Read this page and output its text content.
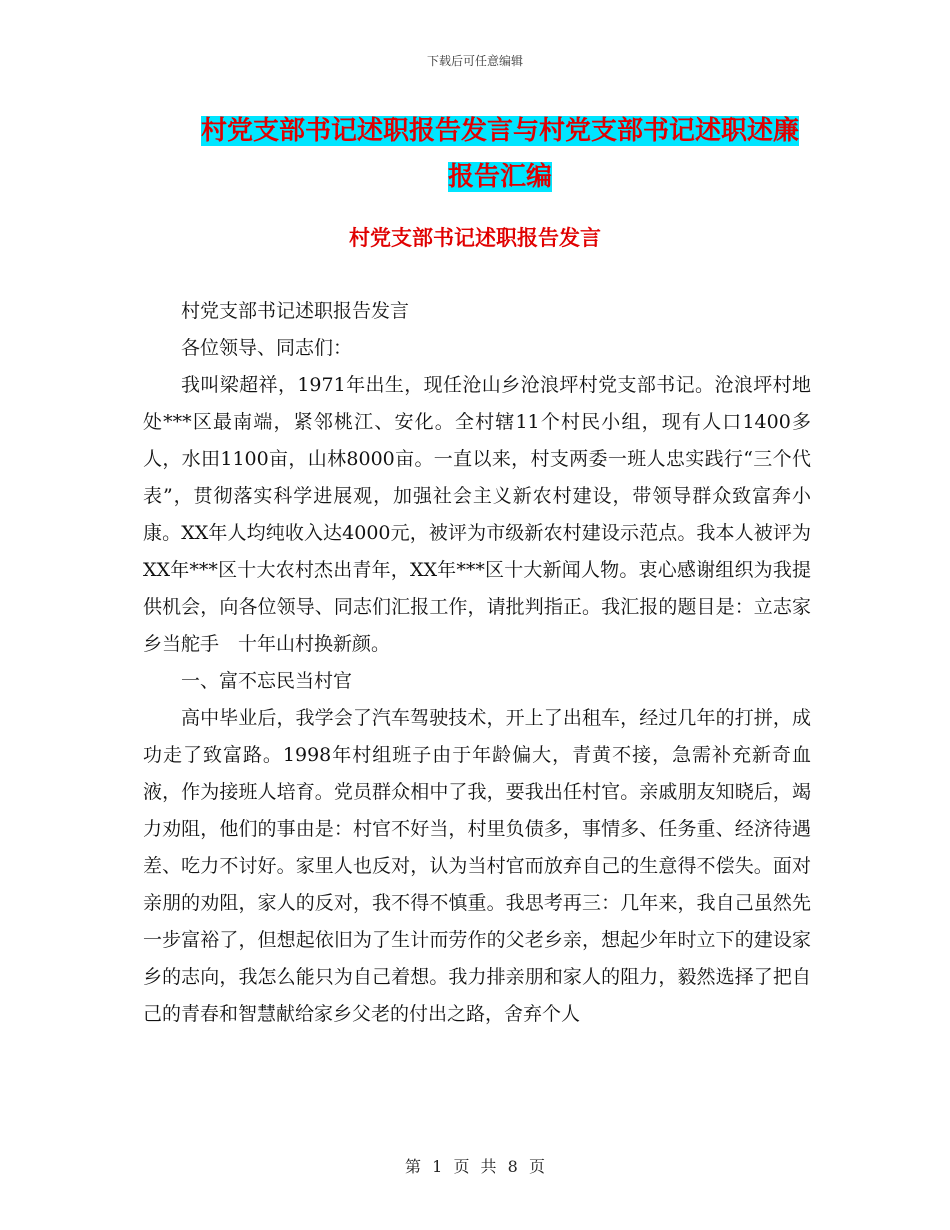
下载后可任意编辑
村党支部书记述职报告发言与村党支部书记述职述廉
报告汇编
村党支部书记述职报告发言

村党支部书记述职报告发言

各位领导、同志们：

我叫梁超祥，1971年出生，现任沧山乡沧浪坪村党支部书记。沧浪坪村地处***区最南端，紧邻桃江、安化。全村辖11个村民小组，现有人口1400多人，水田1100亩，山林8000亩。一直以来，村支两委一班人忠实践行“三个代表”，贯彻落实科学进展观，加强社会主义新农村建设，带领导群众致富奔小康。XX年人均纯收入达4000元，被评为市级新农村建设示范点。我本人被评为XX年***区十大农村杰出青年，XX年***区十大新闻人物。衷心感谢组织为我提供机会，向各位领导、同志们汇报工作，请批判指正。我汇报的题目是：立志家乡当舵手　十年山村换新颜。

一、富不忘民当村官

高中毕业后，我学会了汽车驾驶技术，开上了出租车，经过几年的打拼，成功走了致富路。1998年村组班子由于年龄偏大，青黄不接，急需补充新奇血液，作为接班人培育。党员群众相中了我，要我出任村官。亲戚朋友知晓后，竭力劝阻，他们的事由是：村官不好当，村里负债多，事情多、任务重、经济待遇差、吃力不讨好。家里人也反对，认为当村官而放弃自己的生意得不偿失。面对亲朋的劝阻，家人的反对，我不得不慎重。我思考再三：几年来，我自己虽然先一步富裕了，但想起依旧为了生计而劳作的父老乡亲，想起少年时立下的建设家乡的志向，我怎么能只为自己着想。我力排亲朋和家人的阻力，毅然选择了把自己的青春和智慧献给家乡父老的付出之路，舍弃个人

第 1 页 共 8 页
